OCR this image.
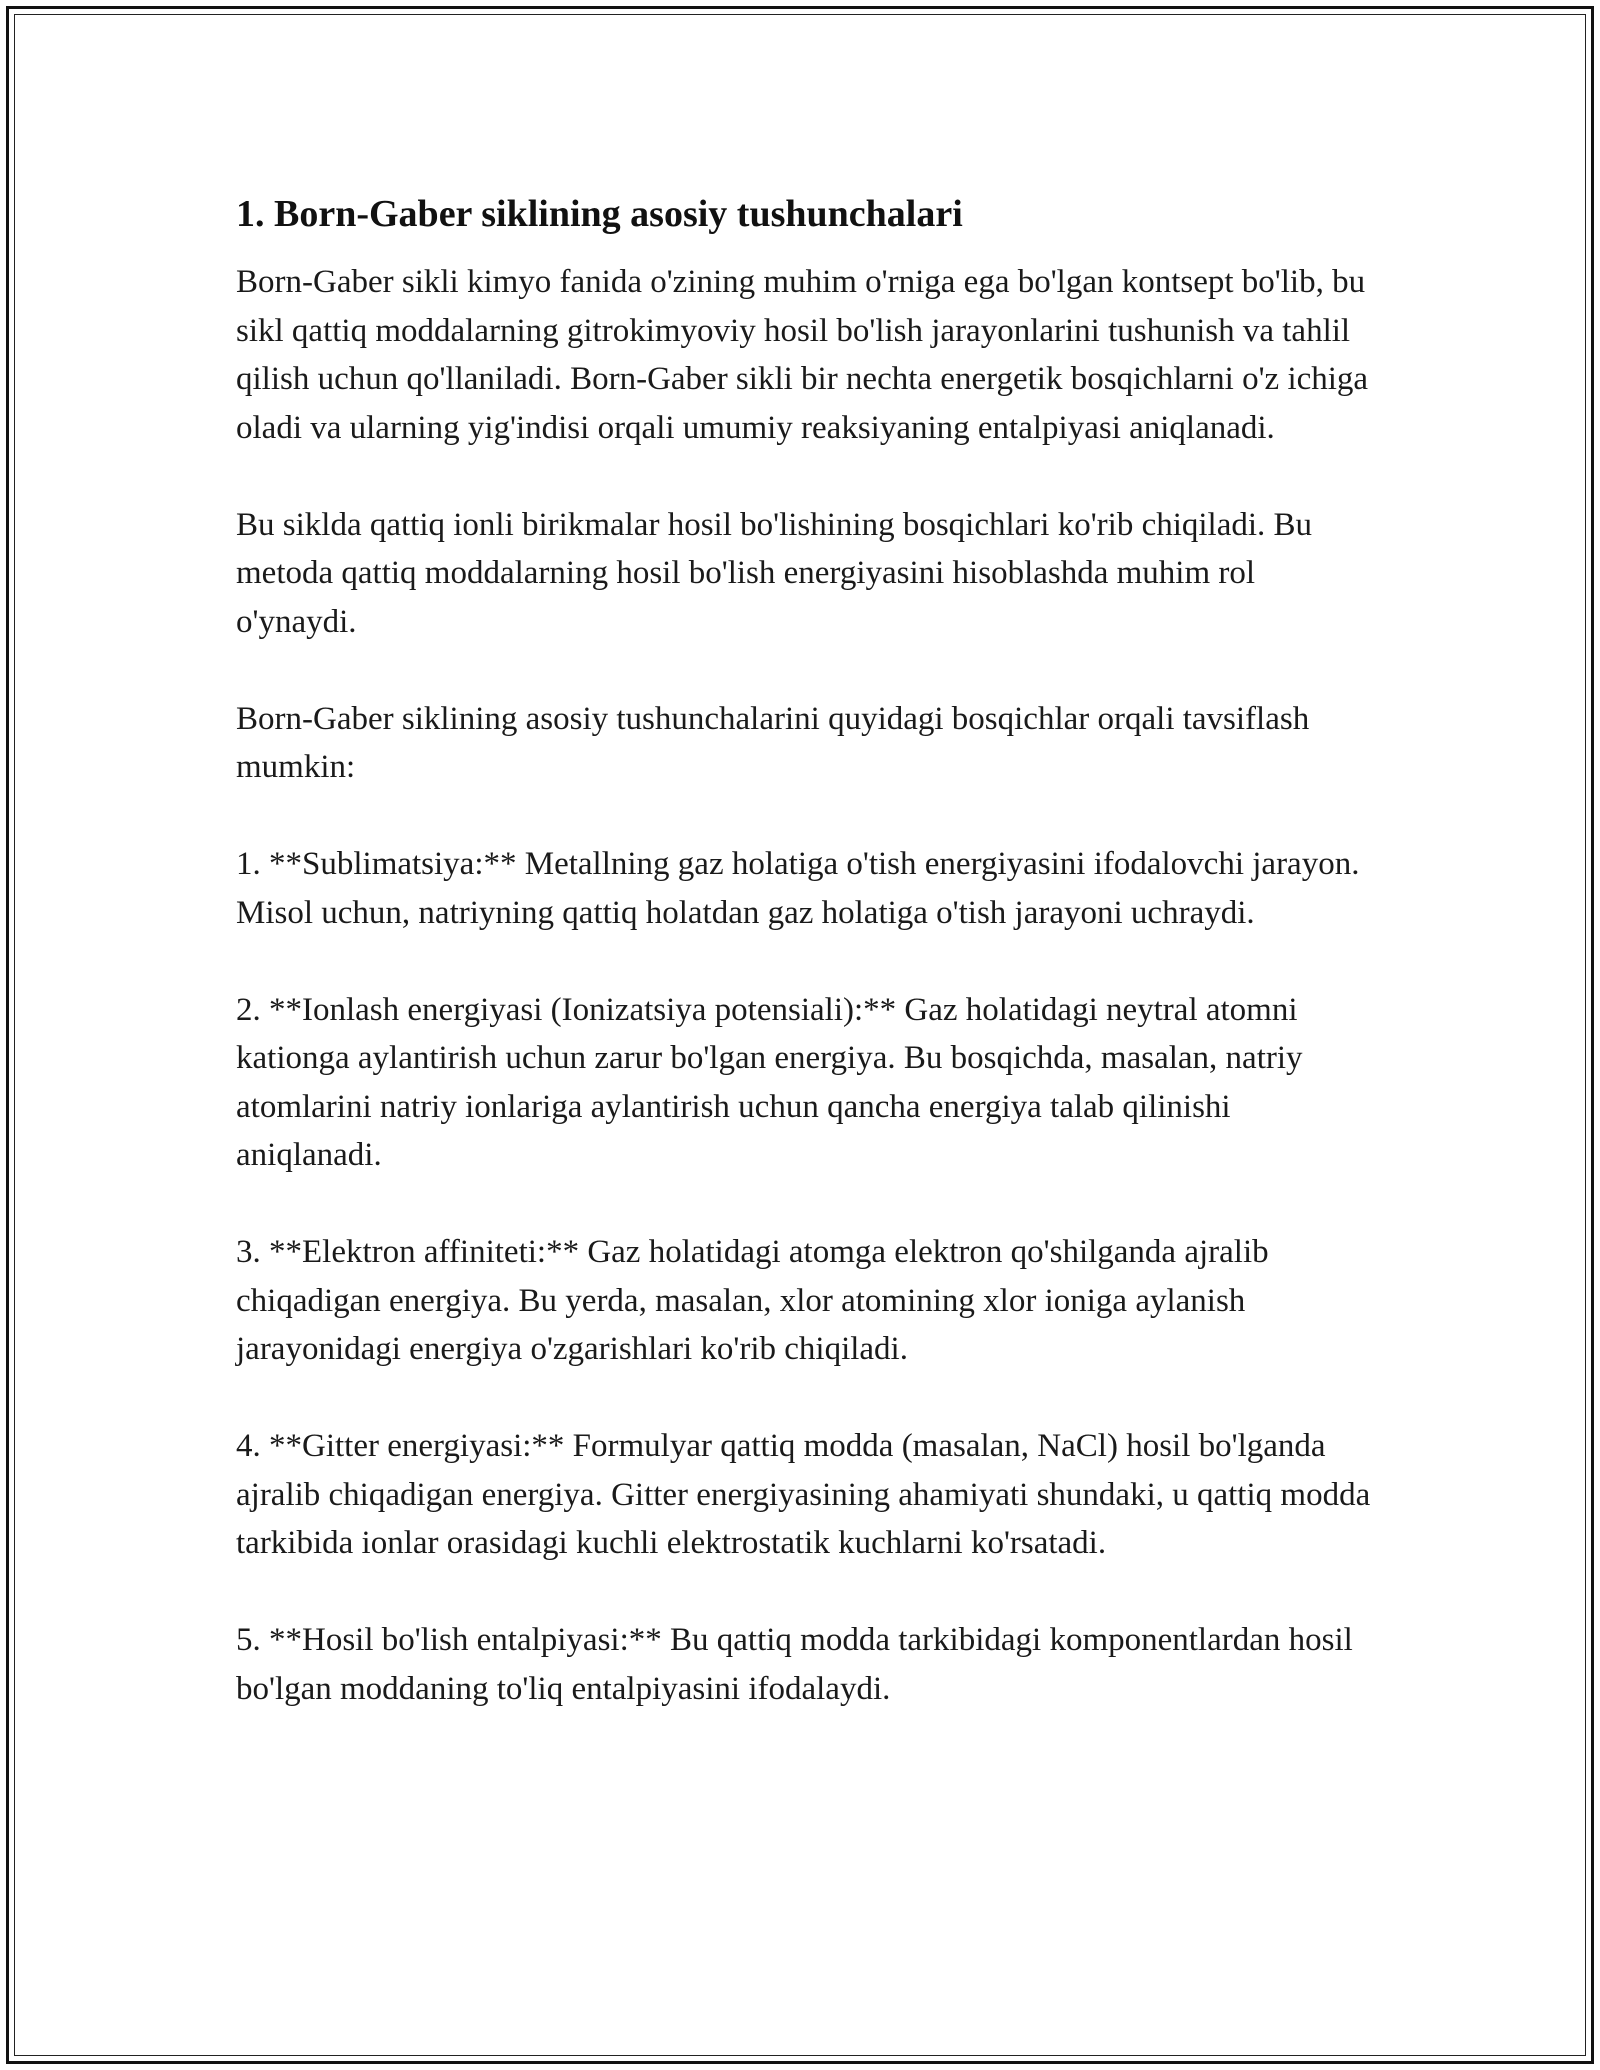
1. Born-Gaber siklining asosiy tushunchalari

Born-Gaber sikli kimyo fanida o'zining muhim o'rniga ega bo'lgan kontsept bo'lib, bu sikl qattiq moddalarning gitrokimyoviy hosil bo'lish jarayonlarini tushunish va tahlil qilish uchun qo'llaniladi. Born-Gaber sikli bir nechta energetik bosqichlarni o'z ichiga oladi va ularning yig'indisi orqali umumiy reaksiyaning entalpiyasi aniqlanadi.

Bu siklda qattiq ionli birikmalar hosil bo'lishining bosqichlari ko'rib chiqiladi. Bu metoda qattiq moddalarning hosil bo'lish energiyasini hisoblashda muhim rol o'ynaydi.

Born-Gaber siklining asosiy tushunchalarini quyidagi bosqichlar orqali tavsiflash mumkin:

1. **Sublimatsiya:** Metallning gaz holatiga o'tish energiyasini ifodalovchi jarayon. Misol uchun, natriyning qattiq holatdan gaz holatiga o'tish jarayoni uchraydi.

2. **Ionlash energiyasi (Ionizatsiya potensiali):** Gaz holatidagi neytral atomni kationga aylantirish uchun zarur bo'lgan energiya. Bu bosqichda, masalan, natriy atomlarini natriy ionlariga aylantirish uchun qancha energiya talab qilinishi aniqlanadi.

3. **Elektron affiniteti:** Gaz holatidagi atomga elektron qo'shilganda ajralib chiqadigan energiya. Bu yerda, masalan, xlor atomining xlor ioniga aylanish jarayonidagi energiya o'zgarishlari ko'rib chiqiladi.

4. **Gitter energiyasi:** Formulyar qattiq modda (masalan, NaCl) hosil bo'lganda ajralib chiqadigan energiya. Gitter energiyasining ahamiyati shundaki, u qattiq modda tarkibida ionlar orasidagi kuchli elektrostatik kuchlarni ko'rsatadi.

5. **Hosil bo'lish entalpiyasi:** Bu qattiq modda tarkibidagi komponentlardan hosil bo'lgan moddaning to'liq entalpiyasini ifodalaydi.
